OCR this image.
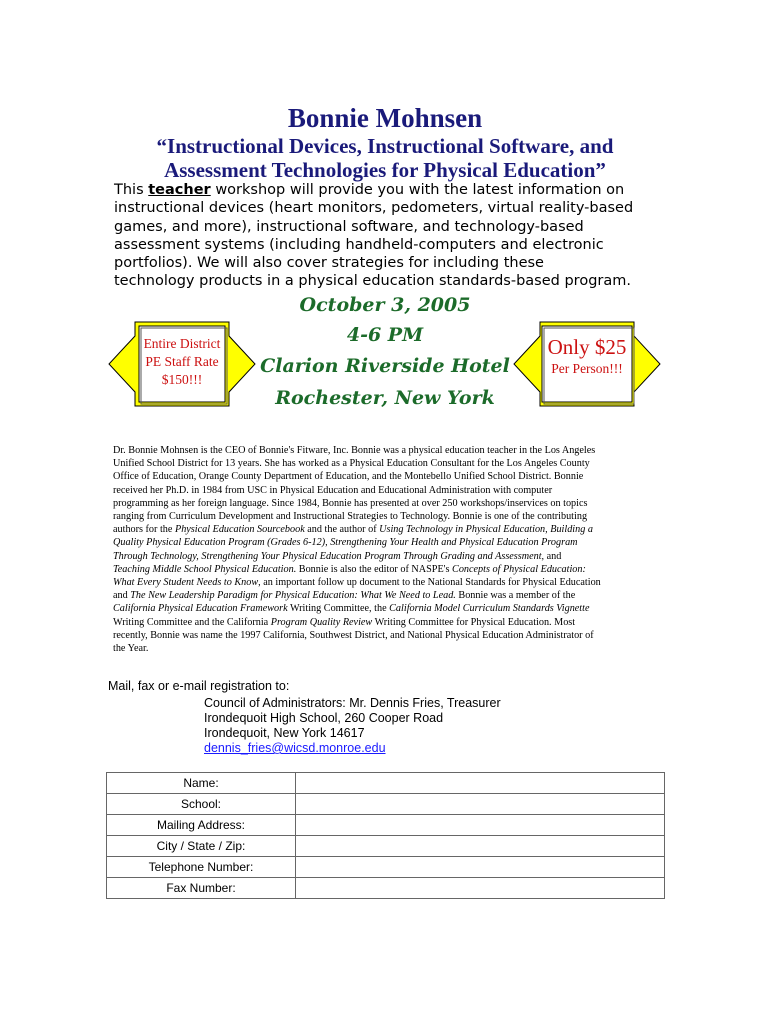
Bonnie Mohnsen
“Instructional Devices, Instructional Software, and
Assessment Technologies for Physical Education”
This teacher workshop will provide you with the latest information on
instructional devices (heart monitors, pedometers, virtual reality-based
games, and more), instructional software, and technology-based
assessment systems (including handheld-computers and electronic
portfolios). We will also cover strategies for including these
technology products in a physical education standards-based program.
Entire District
PE Staff Rate
$150!!!
Only $25
Per Person!!!
October 3, 2005
4-6 PM
Clarion Riverside Hotel
Rochester, New York
Dr. Bonnie Mohnsen is the CEO of Bonnie's Fitware, Inc. Bonnie was a physical education teacher in the Los Angeles
Unified School District for 13 years. She has worked as a Physical Education Consultant for the Los Angeles County
Office of Education, Orange County Department of Education, and the Montebello Unified School District. Bonnie
received her Ph.D. in 1984 from USC in Physical Education and Educational Administration with computer
programming as her foreign language. Since 1984, Bonnie has presented at over 250 workshops/inservices on topics
ranging from Curriculum Development and Instructional Strategies to Technology. Bonnie is one of the contributing
authors for the Physical Education Sourcebook and the author of Using Technology in Physical Education, Building a
Quality Physical Education Program (Grades 6-12), Strengthening Your Health and Physical Education Program
Through Technology, Strengthening Your Physical Education Program Through Grading and Assessment, and
Teaching Middle School Physical Education. Bonnie is also the editor of NASPE's Concepts of Physical Education:
What Every Student Needs to Know, an important follow up document to the National Standards for Physical Education
and The New Leadership Paradigm for Physical Education: What We Need to Lead. Bonnie was a member of the
California Physical Education Framework Writing Committee, the California Model Curriculum Standards Vignette
Writing Committee and the California Program Quality Review Writing Committee for Physical Education. Most
recently, Bonnie was name the 1997 California, Southwest District, and National Physical Education Administrator of
the Year.
Mail, fax or e-mail registration to:
Council of Administrators: Mr. Dennis Fries, Treasurer
Irondequoit High School, 260 Cooper Road
Irondequoit, New York 14617
dennis_fries@wicsd.monroe.edu
Name:	
School:	
Mailing Address:	
City / State / Zip:	
Telephone Number:	
Fax Number:	
